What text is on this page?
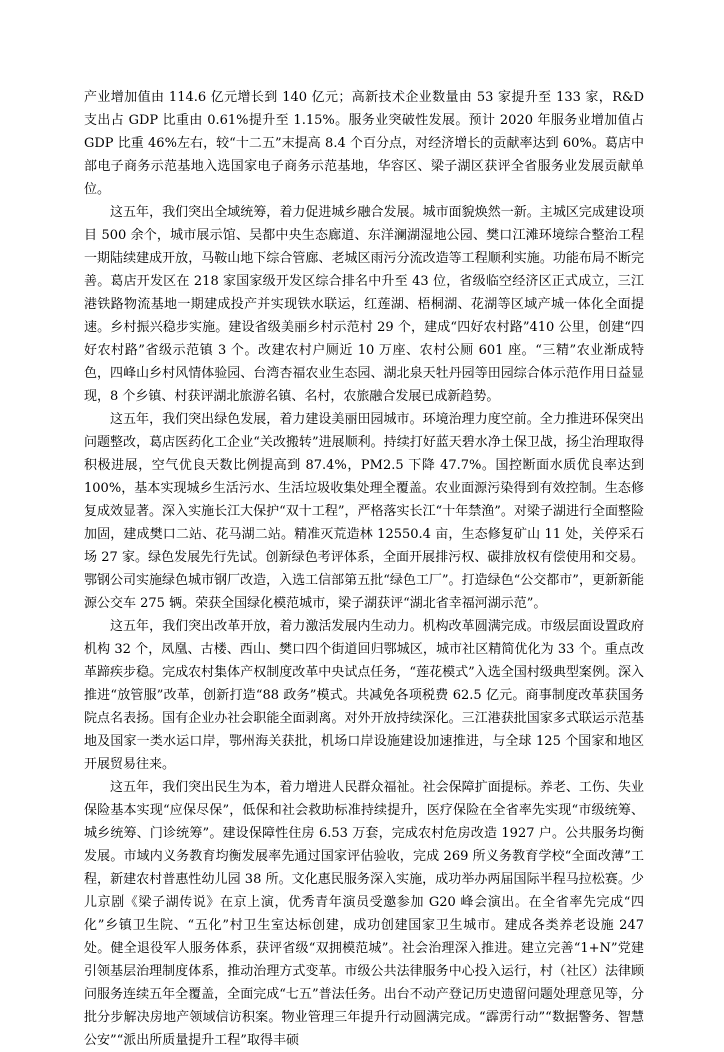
产业增加值由 114.6 亿元增长到 140 亿元；高新技术企业数量由 53 家提升至 133 家，R&D 支出占 GDP 比重由 0.61%提升至 1.15%。服务业突破性发展。预计 2020 年服务业增加值占 GDP 比重 46%左右，较“十二五”末提高 8.4 个百分点，对经济增长的贡献率达到 60%。葛店中部电子商务示范基地入选国家电子商务示范基地，华容区、梁子湖区获评全省服务业发展贡献单位。

这五年，我们突出全域统筹，着力促进城乡融合发展。城市面貌焕然一新。主城区完成建设项目 500 余个，城市展示馆、吴都中央生态廊道、东洋澜湖湿地公园、樊口江滩环境综合整治工程一期陆续建成开放，马鞍山地下综合管廊、老城区雨污分流改造等工程顺利实施。功能布局不断完善。葛店开发区在 218 家国家级开发区综合排名中升至 43 位，省级临空经济区正式成立，三江港铁路物流基地一期建成投产并实现铁水联运，红莲湖、梧桐湖、花湖等区域产城一体化全面提速。乡村振兴稳步实施。建设省级美丽乡村示范村 29 个，建成“四好农村路”410 公里，创建“四好农村路”省级示范镇 3 个。改建农村户厕近 10 万座、农村公厕 601 座。“三精”农业渐成特色，四峰山乡村风情体验园、台湾杏福农业生态园、湖北泉天牡丹园等田园综合体示范作用日益显现，8 个乡镇、村获评湖北旅游名镇、名村，农旅融合发展已成新趋势。

这五年，我们突出绿色发展，着力建设美丽田园城市。环境治理力度空前。全力推进环保突出问题整改，葛店医药化工企业“关改搬转”进展顺利。持续打好蓝天碧水净土保卫战，扬尘治理取得积极进展，空气优良天数比例提高到 87.4%，PM2.5 下降 47.7%。国控断面水质优良率达到 100%，基本实现城乡生活污水、生活垃圾收集处理全覆盖。农业面源污染得到有效控制。生态修复成效显著。深入实施长江大保护“双十工程”，严格落实长江“十年禁渔”。对梁子湖进行全面整险加固，建成樊口二站、花马湖二站。精准灭荒造林 12550.4 亩，生态修复矿山 11 处，关停采石场 27 家。绿色发展先行先试。创新绿色考评体系，全面开展排污权、碳排放权有偿使用和交易。鄂钢公司实施绿色城市钢厂改造，入选工信部第五批“绿色工厂”。打造绿色“公交都市”，更新新能源公交车 275 辆。荣获全国绿化模范城市，梁子湖获评“湖北省幸福河湖示范”。

这五年，我们突出改革开放，着力激活发展内生动力。机构改革圆满完成。市级层面设置政府机构 32 个，凤凰、古楼、西山、樊口四个街道回归鄂城区，城市社区精简优化为 33 个。重点改革蹄疾步稳。完成农村集体产权制度改革中央试点任务，“莲花模式”入选全国村级典型案例。深入推进“放管服”改革，创新打造“88 政务”模式。共减免各项税费 62.5 亿元。商事制度改革获国务院点名表扬。国有企业办社会职能全面剥离。对外开放持续深化。三江港获批国家多式联运示范基地及国家一类水运口岸，鄂州海关获批，机场口岸设施建设加速推进，与全球 125 个国家和地区开展贸易往来。

这五年，我们突出民生为本，着力增进人民群众福祉。社会保障扩面提标。养老、工伤、失业保险基本实现“应保尽保”，低保和社会救助标准持续提升，医疗保险在全省率先实现“市级统筹、城乡统筹、门诊统筹”。建设保障性住房 6.53 万套，完成农村危房改造 1927 户。公共服务均衡发展。市域内义务教育均衡发展率先通过国家评估验收，完成 269 所义务教育学校“全面改薄”工程，新建农村普惠性幼儿园 38 所。文化惠民服务深入实施，成功举办两届国际半程马拉松赛。少儿京剧《梁子湖传说》在京上演，优秀青年演员受邀参加 G20 峰会演出。在全省率先完成“四化”乡镇卫生院、“五化”村卫生室达标创建，成功创建国家卫生城市。建成各类养老设施 247 处。健全退役军人服务体系，获评省级“双拥模范城”。社会治理深入推进。建立完善“1+N”党建引领基层治理制度体系，推动治理方式变革。市级公共法律服务中心投入运行，村（社区）法律顾问服务连续五年全覆盖，全面完成“七五”普法任务。出台不动产登记历史遗留问题处理意见等，分批分步解决房地产领域信访积案。物业管理三年提升行动圆满完成。“霹雳行动”“数据警务、智慧公安”“派出所质量提升工程”取得丰硕
